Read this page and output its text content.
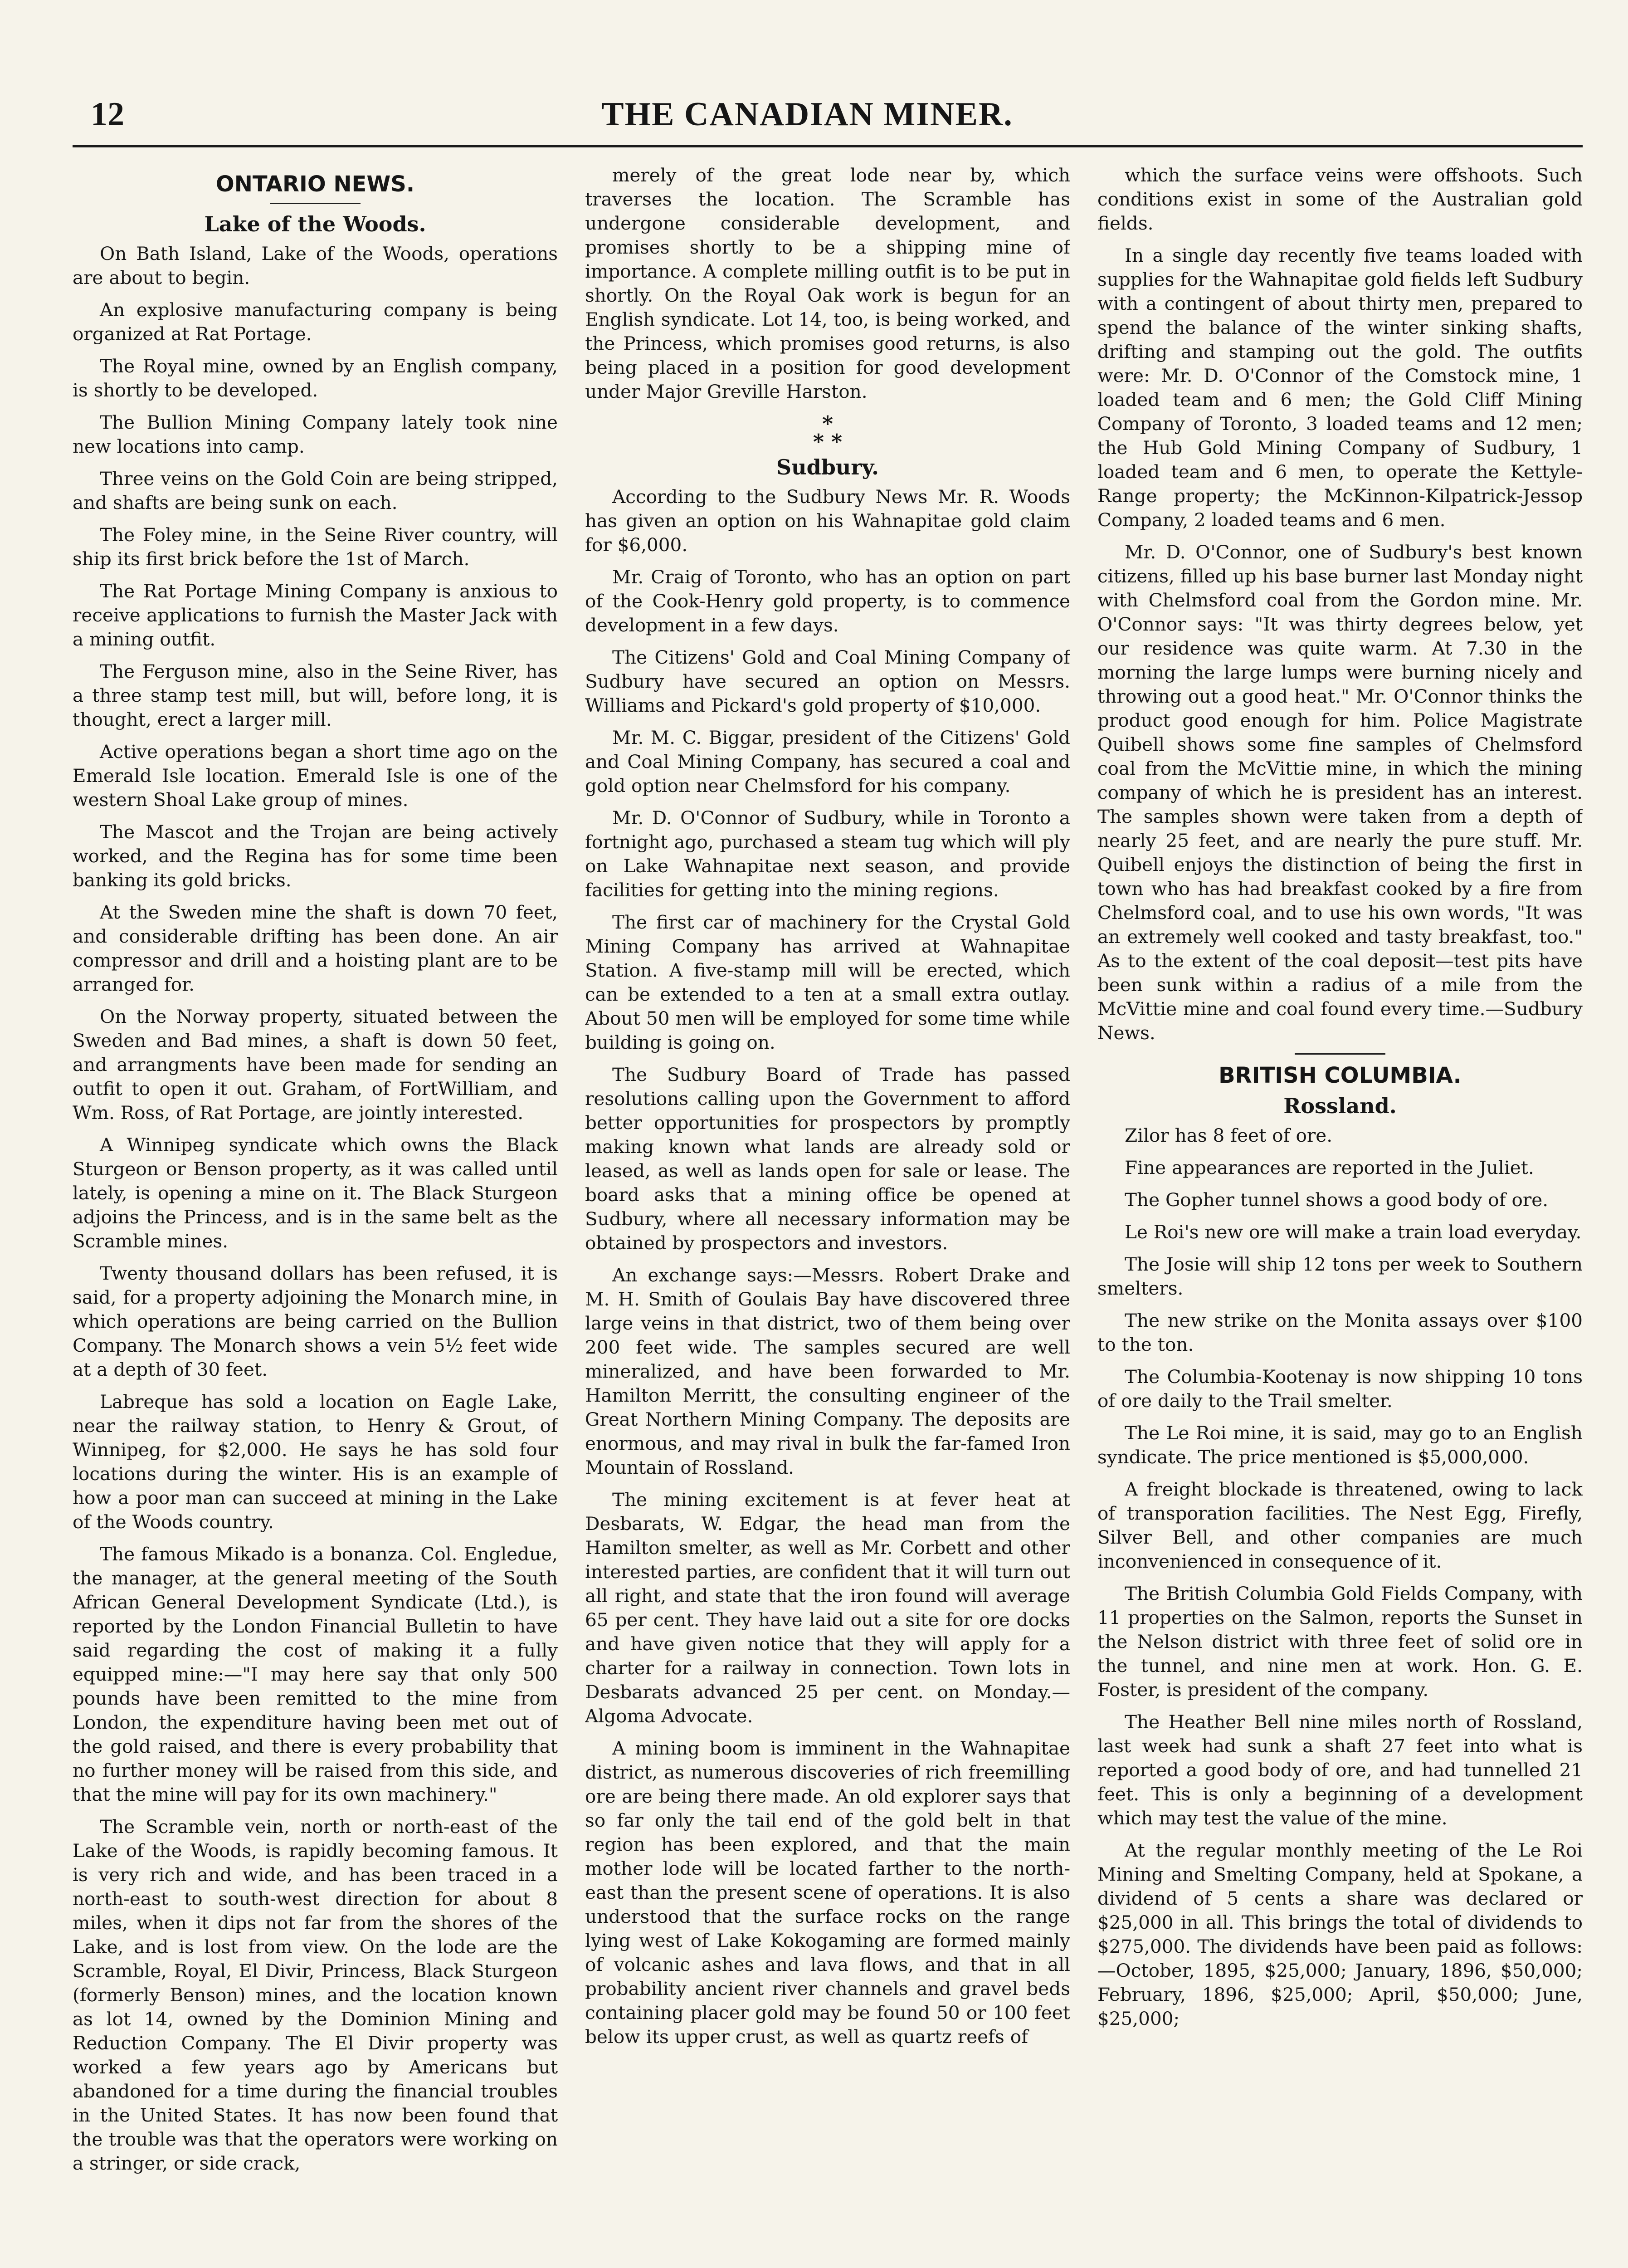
12	THE CANADIAN MINER.
ONTARIO NEWS.
Lake of the Woods.

On Bath Island, Lake of the Woods, operations are about to begin.

An explosive manufacturing company is being organized at Rat Portage.

The Royal mine, owned by an English company, is shortly to be developed.

The Bullion Mining Company lately took nine new locations into camp.

Three veins on the Gold Coin are being stripped, and shafts are being sunk on each.

The Foley mine, in the Seine River country, will ship its first brick before the 1st of March.

The Rat Portage Mining Company is anxious to receive applications to furnish the Master Jack with a mining outfit.

The Ferguson mine, also in the Seine River, has a three stamp test mill, but will, before long, it is thought, erect a larger mill.

Active operations began a short time ago on the Emerald Isle location. Emerald Isle is one of the western Shoal Lake group of mines.

The Mascot and the Trojan are being actively worked, and the Regina has for some time been banking its gold bricks.

At the Sweden mine the shaft is down 70 feet, and considerable drifting has been done. An air compressor and drill and a hoisting plant are to be arranged for.

On the Norway property, situated between the Sweden and Bad mines, a shaft is down 50 feet, and arrangments have been made for sending an outfit to open it out. Graham, of FortWilliam, and Wm. Ross, of Rat Portage, are jointly interested.

A Winnipeg syndicate which owns the Black Sturgeon or Benson property, as it was called until lately, is opening a mine on it. The Black Sturgeon adjoins the Princess, and is in the same belt as the Scramble mines.

Twenty thousand dollars has been refused, it is said, for a property adjoining the Monarch mine, in which operations are being carried on the Bullion Company. The Monarch shows a vein 5½ feet wide at a depth of 30 feet.

Labreque has sold a location on Eagle Lake, near the railway station, to Henry & Grout, of Winnipeg, for $2,000. He says he has sold four locations during the winter. His is an example of how a poor man can succeed at mining in the Lake of the Woods country.

The famous Mikado is a bonanza. Col. Engledue, the manager, at the general meeting of the South African General Development Syndicate (Ltd.), is reported by the London Financial Bulletin to have said regarding the cost of making it a fully equipped mine:—"I may here say that only 500 pounds have been remitted to the mine from London, the expenditure having been met out of the gold raised, and there is every probability that no further money will be raised from this side, and that the mine will pay for its own machinery."

The Scramble vein, north or north-east of the Lake of the Woods, is rapidly becoming famous. It is very rich and wide, and has been traced in a north-east to south-west direction for about 8 miles, when it dips not far from the shores of the Lake, and is lost from view. On the lode are the Scramble, Royal, El Divir, Princess, Black Sturgeon (formerly Benson) mines, and the location known as lot 14, owned by the Dominion Mining and Reduction Company. The El Divir property was worked a few years ago by Americans but abandoned for a time during the financial troubles in the United States. It has now been found that the trouble was that the operators were working on a stringer, or side crack,

merely of the great lode near by, which traverses the location. The Scramble has undergone considerable development, and promises shortly to be a shipping mine of importance. A complete milling outfit is to be put in shortly. On the Royal Oak work is begun for an English syndicate. Lot 14, too, is being worked, and the Princess, which promises good returns, is also being placed in a position for good development under Major Greville Harston.

*
* *
Sudbury.

According to the Sudbury News Mr. R. Woods has given an option on his Wahnapitae gold claim for $6,000.

Mr. Craig of Toronto, who has an option on part of the Cook-Henry gold property, is to commence development in a few days.

The Citizens' Gold and Coal Mining Company of Sudbury have secured an option on Messrs. Williams and Pickard's gold property of $10,000.

Mr. M. C. Biggar, president of the Citizens' Gold and Coal Mining Company, has secured a coal and gold option near Chelmsford for his company.

Mr. D. O'Connor of Sudbury, while in Toronto a fortnight ago, purchased a steam tug which will ply on Lake Wahnapitae next season, and provide facilities for getting into the mining regions.

The first car of machinery for the Crystal Gold Mining Company has arrived at Wahnapitae Station. A five-stamp mill will be erected, which can be extended to a ten at a small extra outlay. About 50 men will be employed for some time while building is going on.

The Sudbury Board of Trade has passed resolutions calling upon the Government to afford better opportunities for prospectors by promptly making known what lands are already sold or leased, as well as lands open for sale or lease. The board asks that a mining office be opened at Sudbury, where all necessary information may be obtained by prospectors and investors.

An exchange says:—Messrs. Robert Drake and M. H. Smith of Goulais Bay have discovered three large veins in that district, two of them being over 200 feet wide. The samples secured are well mineralized, and have been forwarded to Mr. Hamilton Merritt, the consulting engineer of the Great Northern Mining Company. The deposits are enormous, and may rival in bulk the far-famed Iron Mountain of Rossland.

The mining excitement is at fever heat at Desbarats, W. Edgar, the head man from the Hamilton smelter, as well as Mr. Corbett and other interested parties, are confident that it will turn out all right, and state that the iron found will average 65 per cent. They have laid out a site for ore docks and have given notice that they will apply for a charter for a railway in connection. Town lots in Desbarats advanced 25 per cent. on Monday.—Algoma Advocate.

A mining boom is imminent in the Wahnapitae district, as numerous discoveries of rich freemilling ore are being there made. An old explorer says that so far only the tail end of the gold belt in that region has been explored, and that the main mother lode will be located farther to the north-east than the present scene of operations. It is also understood that the surface rocks on the range lying west of Lake Kokogaming are formed mainly of volcanic ashes and lava flows, and that in all probability ancient river channels and gravel beds containing placer gold may be found 50 or 100 feet below its upper crust, as well as quartz reefs of

which the surface veins were offshoots. Such conditions exist in some of the Australian gold fields.

In a single day recently five teams loaded with supplies for the Wahnapitae gold fields left Sudbury with a contingent of about thirty men, prepared to spend the balance of the winter sinking shafts, drifting and stamping out the gold. The outfits were: Mr. D. O'Connor of the Comstock mine, 1 loaded team and 6 men; the Gold Cliff Mining Company of Toronto, 3 loaded teams and 12 men; the Hub Gold Mining Company of Sudbury, 1 loaded team and 6 men, to operate the Kettyle-Range property; the McKinnon-Kilpatrick-Jessop Company, 2 loaded teams and 6 men.

Mr. D. O'Connor, one of Sudbury's best known citizens, filled up his base burner last Monday night with Chelmsford coal from the Gordon mine. Mr. O'Connor says: "It was thirty degrees below, yet our residence was quite warm. At 7.30 in the morning the large lumps were burning nicely and throwing out a good heat." Mr. O'Connor thinks the product good enough for him. Police Magistrate Quibell shows some fine samples of Chelmsford coal from the McVittie mine, in which the mining company of which he is president has an interest. The samples shown were taken from a depth of nearly 25 feet, and are nearly the pure stuff. Mr. Quibell enjoys the distinction of being the first in town who has had breakfast cooked by a fire from Chelmsford coal, and to use his own words, "It was an extremely well cooked and tasty breakfast, too." As to the extent of the coal deposit—test pits have been sunk within a radius of a mile from the McVittie mine and coal found every time.—Sudbury News.

BRITISH COLUMBIA.
Rossland.

Zilor has 8 feet of ore.

Fine appearances are reported in the Juliet.

The Gopher tunnel shows a good body of ore.

Le Roi's new ore will make a train load everyday.

The Josie will ship 12 tons per week to Southern smelters.

The new strike on the Monita assays over $100 to the ton.

The Columbia-Kootenay is now shipping 10 tons of ore daily to the Trail smelter.

The Le Roi mine, it is said, may go to an English syndicate. The price mentioned is $5,000,000.

A freight blockade is threatened, owing to lack of transporation facilities. The Nest Egg, Firefly, Silver Bell, and other companies are much inconvenienced in consequence of it.

The British Columbia Gold Fields Company, with 11 properties on the Salmon, reports the Sunset in the Nelson district with three feet of solid ore in the tunnel, and nine men at work. Hon. G. E. Foster, is president of the company.

The Heather Bell nine miles north of Rossland, last week had sunk a shaft 27 feet into what is reported a good body of ore, and had tunnelled 21 feet. This is only a beginning of a development which may test the value of the mine.

At the regular monthly meeting of the Le Roi Mining and Smelting Company, held at Spokane, a dividend of 5 cents a share was declared or $25,000 in all. This brings the total of dividends to $275,000. The dividends have been paid as follows:—October, 1895, $25,000; January, 1896, $50,000; February, 1896, $25,000; April, $50,000; June, $25,000;
